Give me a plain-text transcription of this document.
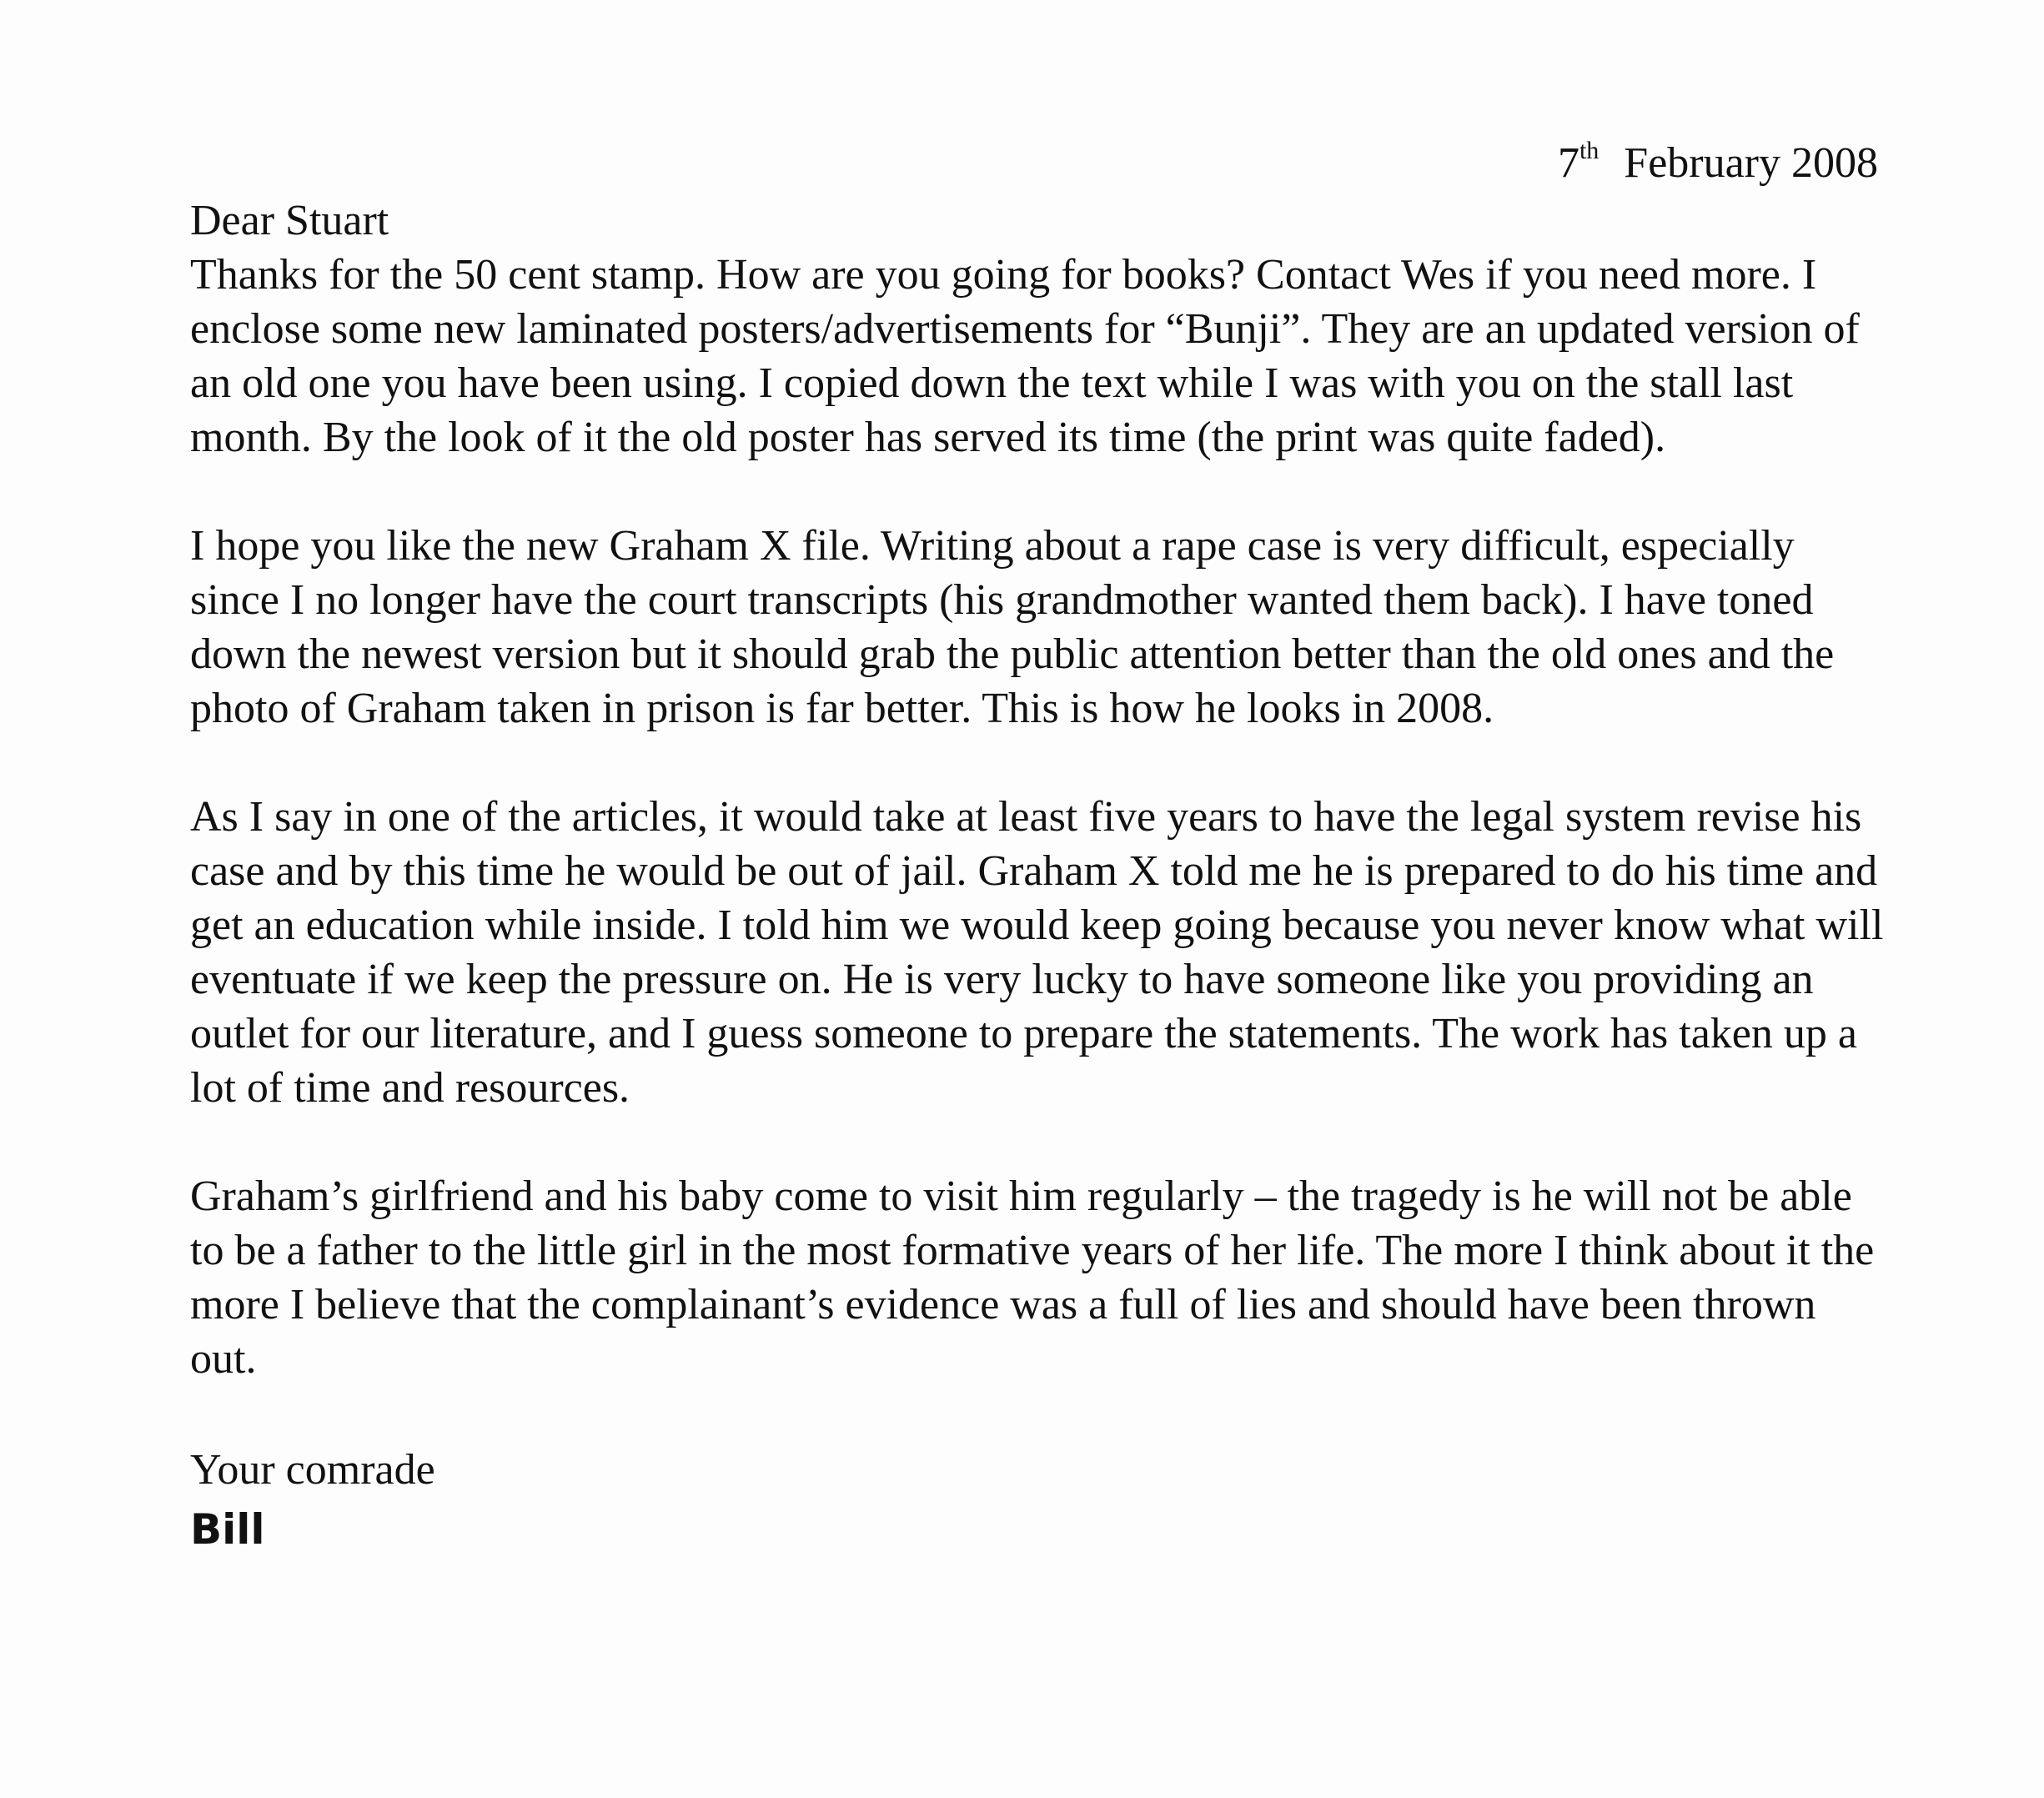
7th February 2008

Dear Stuart

Thanks for the 50 cent stamp. How are you going for books? Contact Wes if you need more. I enclose some new laminated posters/advertisements for “Bunji”. They are an updated version of an old one you have been using. I copied down the text while I was with you on the stall last month. By the look of it the old poster has served its time (the print was quite faded).

I hope you like the new Graham X file. Writing about a rape case is very difficult, especially since I no longer have the court transcripts (his grandmother wanted them back). I have toned down the newest version but it should grab the public attention better than the old ones and the photo of Graham taken in prison is far better. This is how he looks in 2008.

As I say in one of the articles, it would take at least five years to have the legal system revise his case and by this time he would be out of jail. Graham X told me he is prepared to do his time and get an education while inside. I told him we would keep going because you never know what will eventuate if we keep the pressure on. He is very lucky to have someone like you providing an outlet for our literature, and I guess someone to prepare the statements. The work has taken up a lot of time and resources.

Graham’s girlfriend and his baby come to visit him regularly – the tragedy is he will not be able to be a father to the little girl in the most formative years of her life. The more I think about it the more I believe that the complainant’s evidence was a full of lies and should have been thrown out.

Your comrade

Bill
